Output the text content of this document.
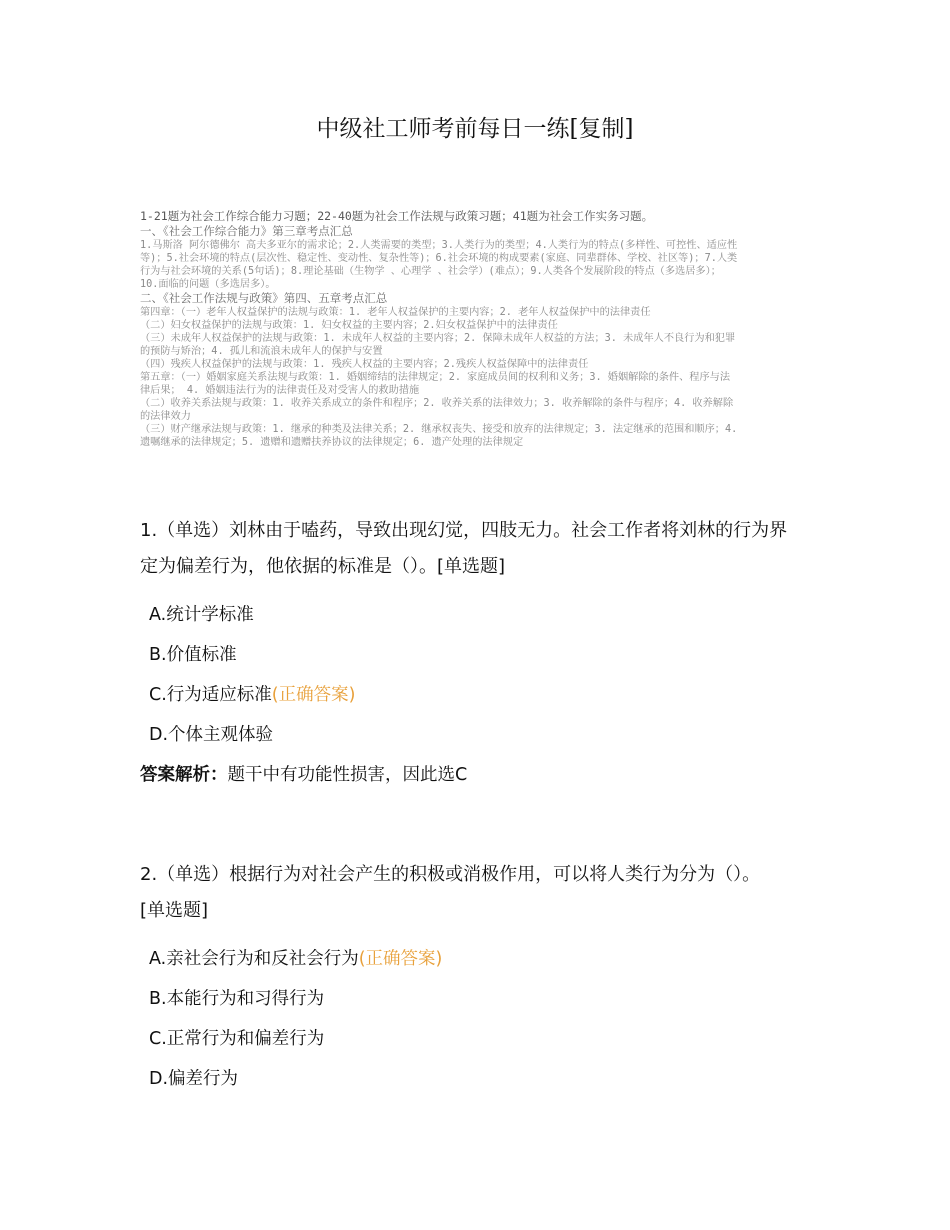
中级社工师考前每日一练[复制]
1-21题为社会工作综合能力习题；22-40题为社会工作法规与政策习题；41题为社会工作实务习题。
一、《社会工作综合能力》第三章考点汇总
1.马斯洛 阿尔德佛尔 高夫多亚尔的需求论；2.人类需要的类型；3.人类行为的类型；4.人类行为的特点(多样性、可控性、适应性
等)；5.社会环境的特点(层次性、稳定性、变动性、复杂性等)；6.社会环境的构成要素(家庭、同辈群体、学校、社区等)；7.人类
行为与社会环境的关系(5句话)；8.理论基础（生物学 、心理学 、社会学）(难点）；9.人类各个发展阶段的特点（多选居多）；
10.面临的问题（多选居多）。
二、《社会工作法规与政策》第四、五章考点汇总
第四章：（一）老年人权益保护的法规与政策：1. 老年人权益保护的主要内容；2. 老年人权益保护中的法律责任
（二）妇女权益保护的法规与政策：1. 妇女权益的主要内容；2.妇女权益保护中的法律责任
（三）未成年人权益保护的法规与政策：1. 未成年人权益的主要内容；2. 保障未成年人权益的方法；3. 未成年人不良行为和犯罪
的预防与矫治；4. 孤儿和流浪未成年人的保护与安置
（四）残疾人权益保护的法规与政策：1. 残疾人权益的主要内容；2.残疾人权益保障中的法律责任
第五章：（一）婚姻家庭关系法规与政策：1. 婚姻缔结的法律规定；2. 家庭成员间的权利和义务；3. 婚姻解除的条件、程序与法
律后果； 4. 婚姻违法行为的法律责任及对受害人的救助措施
（二）收养关系法规与政策：1. 收养关系成立的条件和程序；2. 收养关系的法律效力；3. 收养解除的条件与程序；4. 收养解除
的法律效力
（三）财产继承法规与政策：1. 继承的种类及法律关系；2. 继承权丧失、接受和放弃的法律规定；3. 法定继承的范围和顺序；4.
遗嘱继承的法律规定；5. 遗赠和遗赠扶养协议的法律规定；6. 遗产处理的法律规定
1.（单选）刘林由于嗑药，导致出现幻觉，四肢无力。社会工作者将刘林的行为界
定为偏差行为，他依据的标准是（）。[单选题]
A.统计学标准
B.价值标准
C.行为适应标准(正确答案)
D.个体主观体验
答案解析：题干中有功能性损害，因此选C
2.（单选）根据行为对社会产生的积极或消极作用，可以将人类行为分为（）。
[单选题]
A.亲社会行为和反社会行为(正确答案)
B.本能行为和习得行为
C.正常行为和偏差行为
D.偏差行为
